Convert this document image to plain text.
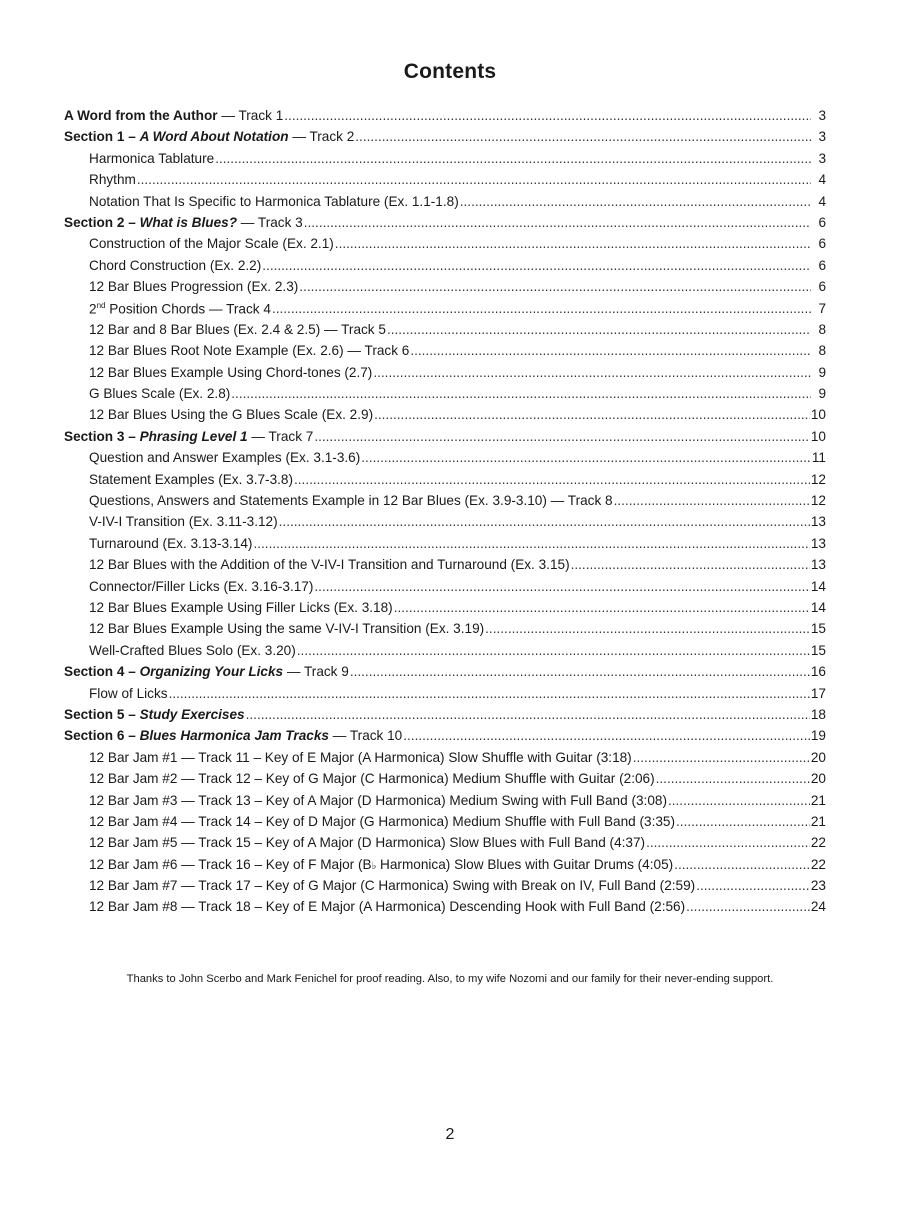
Contents
A Word from the Author — Track 1 .....	3
Section 1 – A Word About Notation — Track 2 .....	3
Harmonica Tablature .....	3
Rhythm .....	4
Notation That Is Specific to Harmonica Tablature (Ex. 1.1-1.8) .....	4
Section 2 – What is Blues? — Track 3 .....	6
Construction of the Major Scale (Ex. 2.1) .....	6
Chord Construction (Ex. 2.2) .....	6
12 Bar Blues Progression (Ex. 2.3) .....	6
2nd Position Chords — Track 4 .....	7
12 Bar and 8 Bar Blues (Ex. 2.4 & 2.5) — Track 5 .....	8
12 Bar Blues Root Note Example (Ex. 2.6) — Track 6 .....	8
12 Bar Blues Example Using Chord-tones (2.7) .....	9
G Blues Scale (Ex. 2.8) .....	9
12 Bar Blues Using the G Blues Scale (Ex. 2.9) .....	10
Section 3 – Phrasing Level 1 — Track 7 .....	10
Question and Answer Examples (Ex. 3.1-3.6) .....	11
Statement Examples (Ex. 3.7-3.8) .....	12
Questions, Answers and Statements Example in 12 Bar Blues (Ex. 3.9-3.10) — Track 8 .....	12
V-IV-I Transition (Ex. 3.11-3.12) .....	13
Turnaround (Ex. 3.13-3.14) .....	13
12 Bar Blues with the Addition of the V-IV-I Transition and Turnaround (Ex. 3.15) .....	13
Connector/Filler Licks (Ex. 3.16-3.17) .....	14
12 Bar Blues Example Using Filler Licks (Ex. 3.18) .....	14
12 Bar Blues Example Using the same V-IV-I Transition (Ex. 3.19) .....	15
Well-Crafted Blues Solo (Ex. 3.20) .....	15
Section 4 – Organizing Your Licks — Track 9 .....	16
Flow of Licks .....	17
Section 5 – Study Exercises .....	18
Section 6 – Blues Harmonica Jam Tracks — Track 10 .....	19
12 Bar Jam #1 — Track 11 – Key of E Major (A Harmonica) Slow Shuffle with Guitar (3:18) .....	20
12 Bar Jam #2 — Track 12 – Key of G Major (C Harmonica) Medium Shuffle with Guitar (2:06) .....	20
12 Bar Jam #3 — Track 13 – Key of A Major (D Harmonica) Medium Swing with Full Band (3:08) .....	21
12 Bar Jam #4 — Track 14 – Key of D Major (G Harmonica) Medium Shuffle with Full Band (3:35) .....	21
12 Bar Jam #5 — Track 15 – Key of A Major (D Harmonica) Slow Blues with Full Band (4:37) .....	22
12 Bar Jam #6 — Track 16 – Key of F Major (B♭ Harmonica) Slow Blues with Guitar Drums (4:05) .....	22
12 Bar Jam #7 — Track 17 – Key of G Major (C Harmonica) Swing with Break on IV, Full Band (2:59) .....	23
12 Bar Jam #8 — Track 18 – Key of E Major (A Harmonica) Descending Hook with Full Band (2:56) .....	24
Thanks to John Scerbo and Mark Fenichel for proof reading. Also, to my wife Nozomi and our family for their never-ending support.
2
